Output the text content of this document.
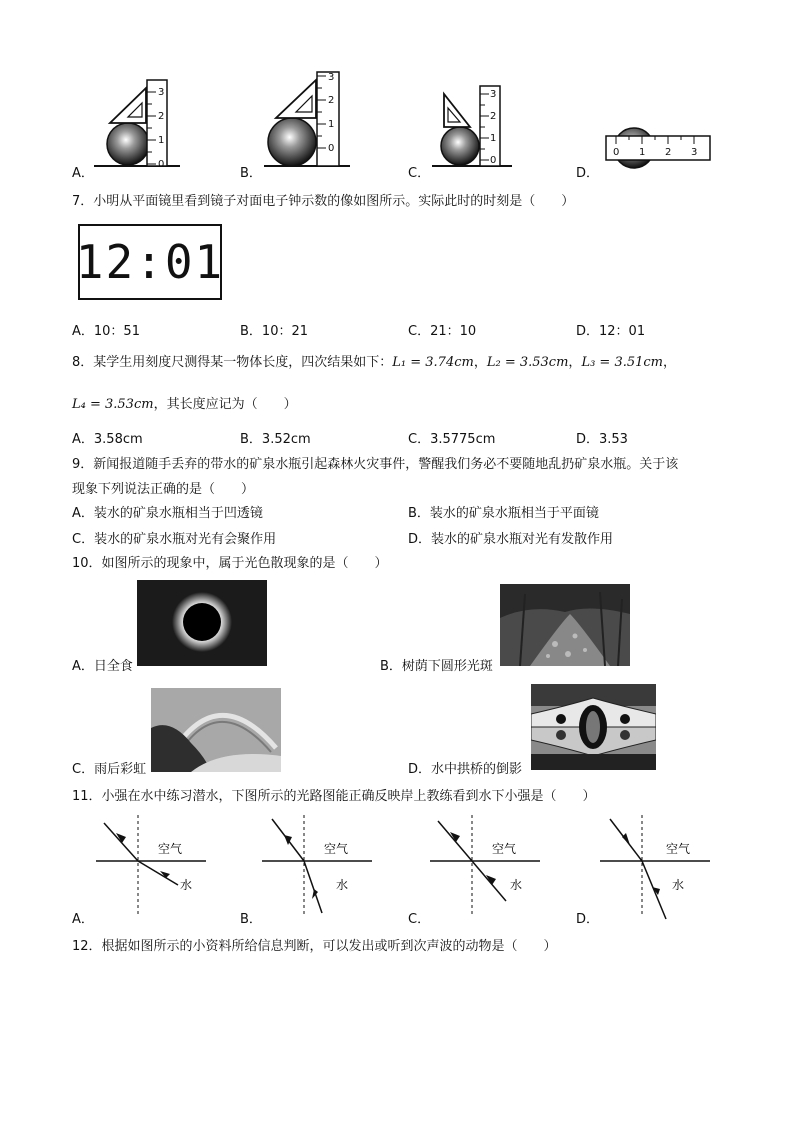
A．	B．	C．	D．
0
1
2
3
0
1
2
3
0
1
2
3
0 1 2 3
7．小明从平面镜里看到镜子对面电子钟示数的像如图所示。实际此时的时刻是（　　）
12:01
A．10：51	B．10：21	C．21：10	D．12：01
8．某学生用刻度尺测得某一物体长度，四次结果如下：L₁ = 3.74cm，L₂ = 3.53cm，L₃ = 3.51cm，
L₄ = 3.53cm，其长度应记为（　　）
A．3.58cm	B．3.52cm	C．3.5775cm	D．3.53
9．新闻报道随手丢弃的带水的矿泉水瓶引起森林火灾事件，警醒我们务必不要随地乱扔矿泉水瓶。关于该
现象下列说法正确的是（　　）
A．装水的矿泉水瓶相当于凹透镜	B．装水的矿泉水瓶相当于平面镜
C．装水的矿泉水瓶对光有会聚作用	D．装水的矿泉水瓶对光有发散作用
10．如图所示的现象中，属于光色散现象的是（　　）
A．日全食	B．树荫下圆形光斑
C．雨后彩虹	D．水中拱桥的倒影
11．小强在水中练习潜水，下图所示的光路图能正确反映岸上教练看到水下小强是（　　）
空气
水
A．
空气
水
B．
空气
水
C．
空气
水
D．
12．根据如图所示的小资料所给信息判断，可以发出或听到次声波的动物是（　　）
